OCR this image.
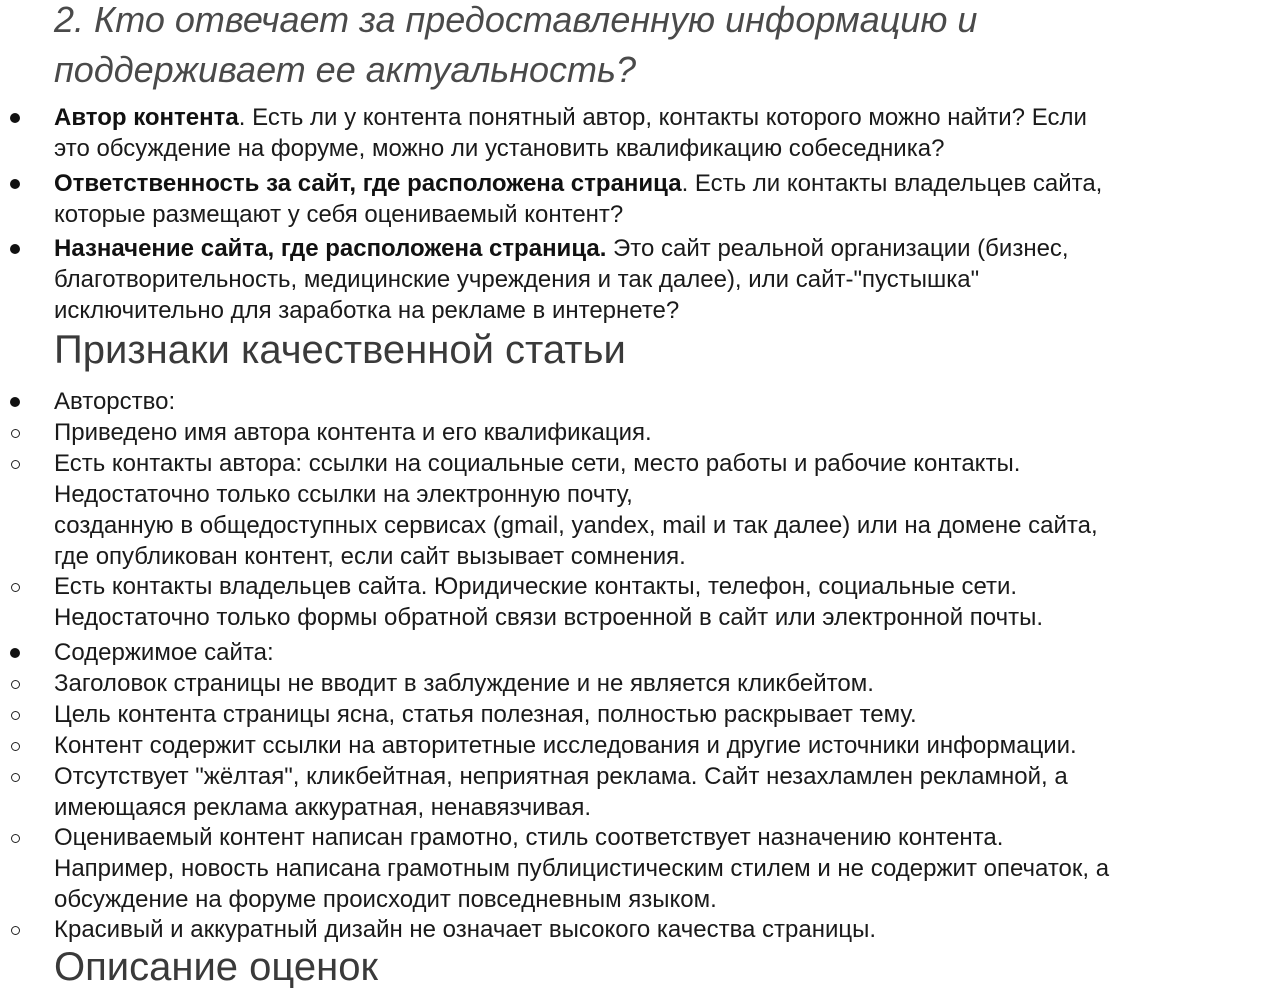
2. Кто отвечает за предоставленную информацию и
поддерживает ее актуальность?
Автор контента. Есть ли у контента понятный автор, контакты которого можно найти? Если
это обсуждение на форуме, можно ли установить квалификацию собеседника?
Ответственность за сайт, где расположена страница. Есть ли контакты владельцев сайта,
которые размещают у себя оцениваемый контент?
Назначение сайта, где расположена страница. Это сайт реальной организации (бизнес,
благотворительность, медицинские учреждения и так далее), или сайт-"пустышка"
исключительно для заработка на рекламе в интернете?
Признаки качественной статьи
Авторство:
Приведено имя автора контента и его квалификация.
Есть контакты автора: ссылки на социальные сети, место работы и рабочие контакты.
Недостаточно только ссылки на электронную почту,
созданную в общедоступных сервисах (gmail, yandex, mail и так далее) или на домене сайта,
где опубликован контент, если сайт вызывает сомнения.
Есть контакты владельцев сайта. Юридические контакты, телефон, социальные сети.
Недостаточно только формы обратной связи встроенной в сайт или электронной почты.
Содержимое сайта:
Заголовок страницы не вводит в заблуждение и не является кликбейтом.
Цель контента страницы ясна, статья полезная, полностью раскрывает тему.
Контент содержит ссылки на авторитетные исследования и другие источники информации.
Отсутствует "жёлтая", кликбейтная, неприятная реклама. Сайт незахламлен рекламной, а
имеющаяся реклама аккуратная, ненавязчивая.
Оцениваемый контент написан грамотно, стиль соответствует назначению контента.
Например, новость написана грамотным публицистическим стилем и не содержит опечаток, а
обсуждение на форуме происходит повседневным языком.
Красивый и аккуратный дизайн не означает высокого качества страницы.
Описание оценок
